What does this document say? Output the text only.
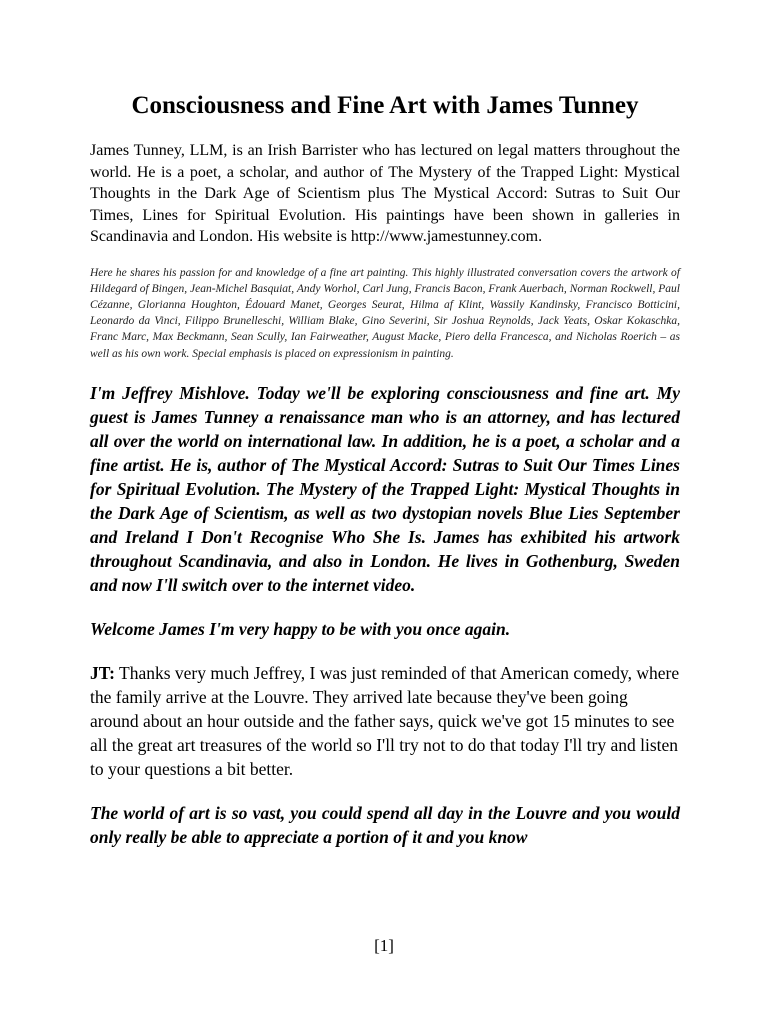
Consciousness and Fine Art with James Tunney

James Tunney, LLM, is an Irish Barrister who has lectured on legal matters throughout the world. He is a poet, a scholar, and author of The Mystery of the Trapped Light: Mystical Thoughts in the Dark Age of Scientism plus The Mystical Accord: Sutras to Suit Our Times, Lines for Spiritual Evolution. His paintings have been shown in galleries in Scandinavia and London. His website is http://www.jamestunney.com.

Here he shares his passion for and knowledge of a fine art painting. This highly illustrated conversation covers the artwork of Hildegard of Bingen, Jean-Michel Basquiat, Andy Worhol, Carl Jung, Francis Bacon, Frank Auerbach, Norman Rockwell, Paul Cézanne, Glorianna Houghton, Édouard Manet, Georges Seurat, Hilma af Klint, Wassily Kandinsky, Francisco Botticini, Leonardo da Vinci, Filippo Brunelleschi, William Blake, Gino Severini, Sir Joshua Reynolds, Jack Yeats, Oskar Kokaschka, Franc Marc, Max Beckmann, Sean Scully, Ian Fairweather, August Macke, Piero della Francesca, and Nicholas Roerich – as well as his own work. Special emphasis is placed on expressionism in painting.

I'm Jeffrey Mishlove. Today we'll be exploring consciousness and fine art. My guest is James Tunney a renaissance man who is an attorney, and has lectured all over the world on international law. In addition, he is a poet, a scholar and a fine artist. He is, author of The Mystical Accord: Sutras to Suit Our Times Lines for Spiritual Evolution. The Mystery of the Trapped Light: Mystical Thoughts in the Dark Age of Scientism, as well as two dystopian novels Blue Lies September and Ireland I Don't Recognise Who She Is. James has exhibited his artwork throughout Scandinavia, and also in London. He lives in Gothenburg, Sweden and now I'll switch over to the internet video.

Welcome James I'm very happy to be with you once again.

JT: Thanks very much Jeffrey, I was just reminded of that American comedy, where the family arrive at the Louvre. They arrived late because they've been going around about an hour outside and the father says, quick we've got 15 minutes to see all the great art treasures of the world so I'll try not to do that today I'll try and listen to your questions a bit better.

The world of art is so vast, you could spend all day in the Louvre and you would only really be able to appreciate a portion of it and you know

[1]
